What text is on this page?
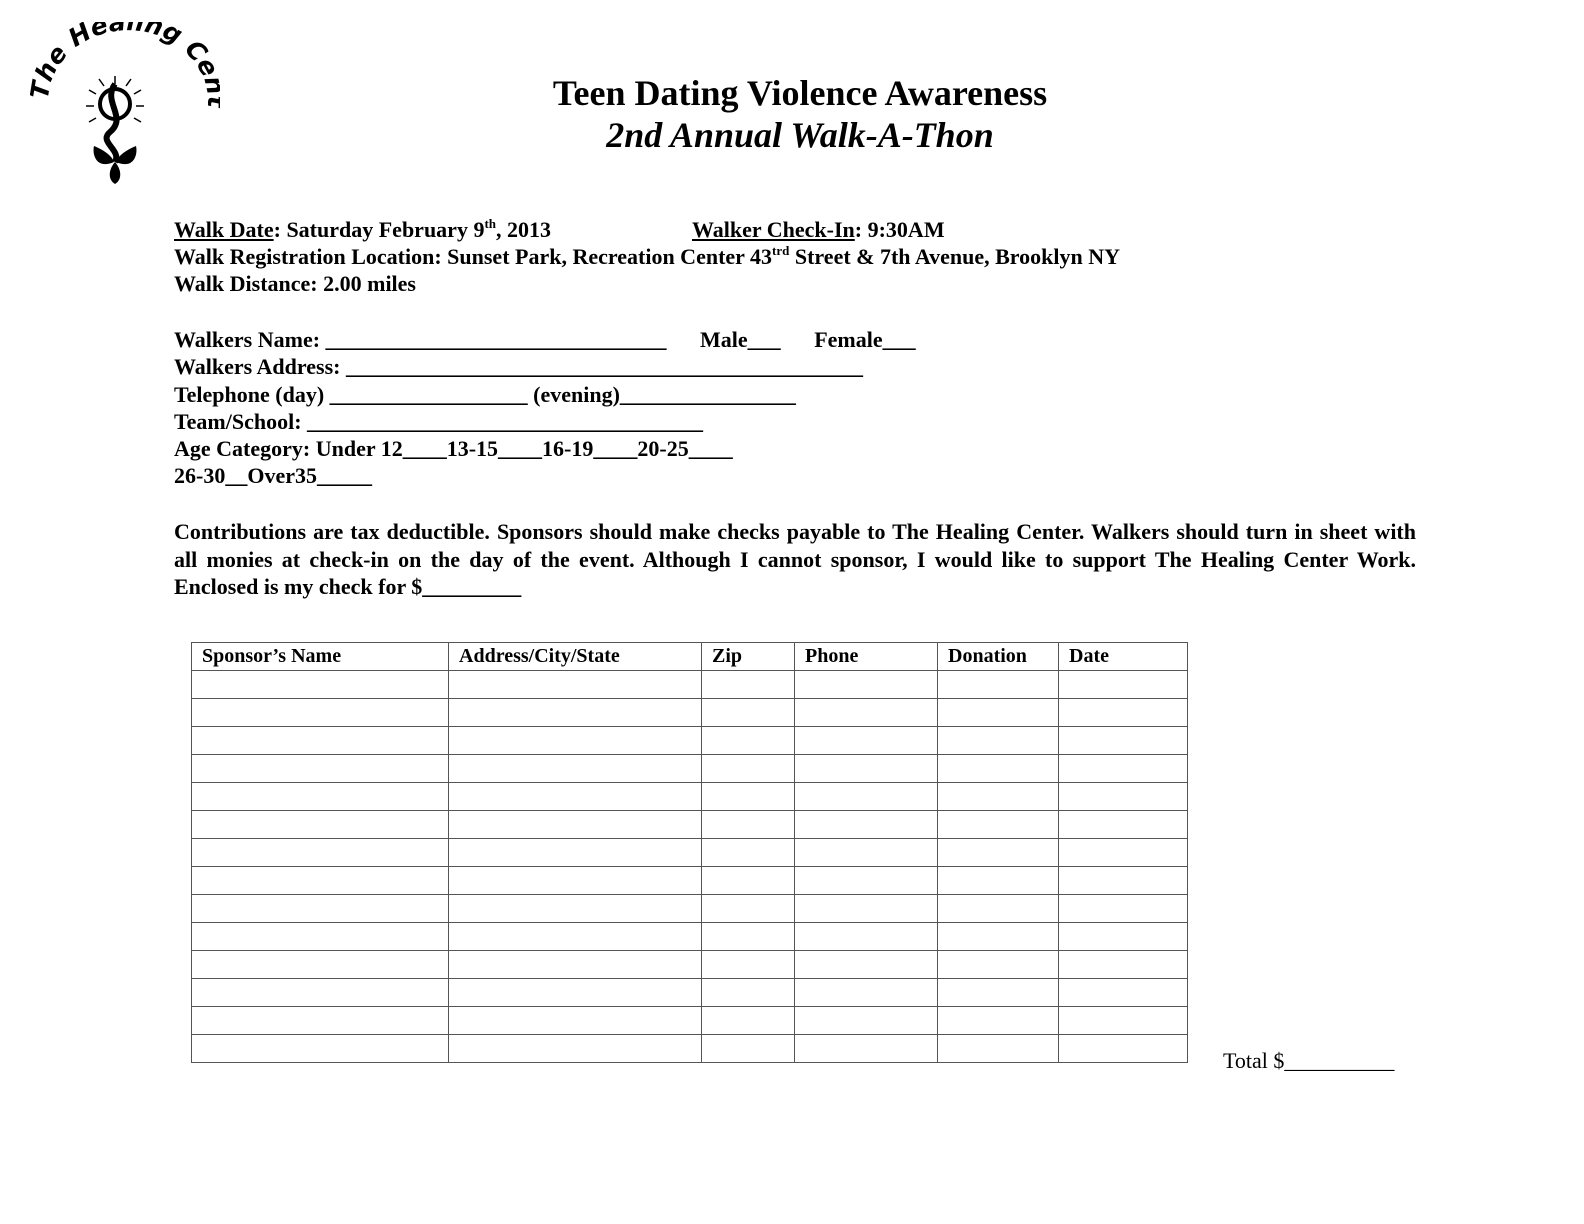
he Hea ing C
Teen Dating Violence Awareness
2nd Annual Walk-A-Thon
Walk Date: Saturday February 9th, 2013	Walker Check-In: 9:30AM
Walk Registration Location: Sunset Park, Recreation Center $43^{trd}$ Street & 7th Avenue, Brooklyn NY
Walk Distance: 2.00 miles
Walkers Name: _______________________________ Male___ Female___
Walkers Address: _______________________________________________
Telephone (day) __________________ (evening)________________
Team/School: ____________________________________
Age Category: Under 12____13-15____16-19____20-25____
26-30__Over35_____
Contributions are tax deductible. Sponsors should make checks payable to The Healing Center. Walkers should turn in sheet with all monies at check-in on the day of the event. Although I cannot sponsor, I would like to support The Healing Center Work. Enclosed is my check for $_________
Sponsor’s Name	Address/City/State	Zip	Phone	Donation	Date

Total $__________
